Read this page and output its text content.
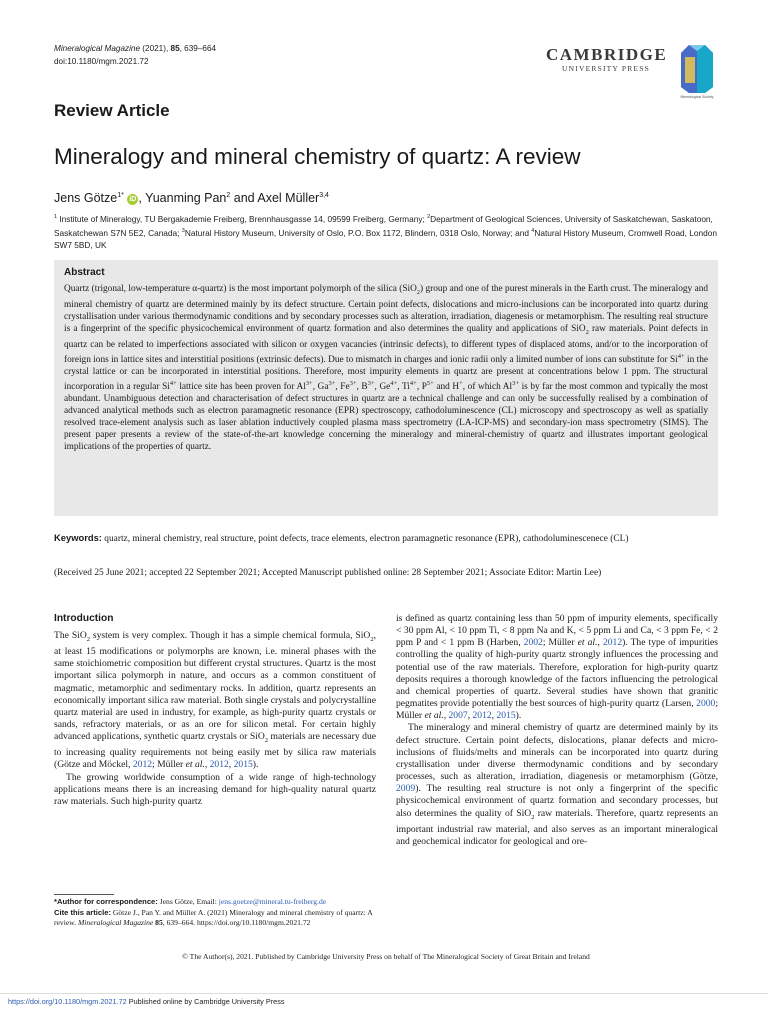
Mineralogical Magazine (2021), 85, 639–664
doi:10.1180/mgm.2021.72	CAMBRIDGE
UNIVERSITY PRESS
Mineralogical Society
Review Article
Mineralogy and mineral chemistry of quartz: A review
Jens Götze$^{1*}$ iD , Yuanming Pan$^2$ and Axel Müller$^{3,4}$
$^1$ Institute of Mineralogy, TU Bergakademie Freiberg, Brennhausgasse 14, 09599 Freiberg, Germany; $^2$Department of Geological Sciences, University of Saskatchewan, Saskatoon, Saskatchewan S7N 5E2, Canada; $^3$Natural History Museum, University of Oslo, P.O. Box 1172, Blindern, 0318 Oslo, Norway; and $^4$Natural History Museum, Cromwell Road, London SW7 5BD, UK
Abstract
Quartz (trigonal, low-temperature α-quartz) is the most important polymorph of the silica (SiO$_2$) group and one of the purest minerals in the Earth crust. The mineralogy and mineral chemistry of quartz are determined mainly by its defect structure. Certain point defects, dislocations and micro-inclusions can be incorporated into quartz during crystallisation under various thermodynamic conditions and by secondary processes such as alteration, irradiation, diagenesis or metamorphism. The resulting real structure is a fingerprint of the specific physicochemical environment of quartz formation and also determines the quality and applications of SiO$_2$ raw materials. Point defects in quartz can be related to imperfections associated with silicon or oxygen vacancies (intrinsic defects), to different types of displaced atoms, and/or to the incorporation of foreign ions in lattice sites and interstitial positions (extrinsic defects). Due to mismatch in charges and ionic radii only a limited number of ions can substitute for $Si^{4+}$ in the crystal lattice or can be incorporated in interstitial positions. Therefore, most impurity elements in quartz are present at concentrations below 1 ppm. The structural incorporation in a regular $Si^{4+}$ lattice site has been proven for $Al^{3+}$, $Ga^{3+}$, $Fe^{3+}$, $B^{3+}$, $Ge^{4+}$, $Ti^{4+}$, $P^{5+}$ and H+, of which $Al^{3+}$ is by far the most common and typically the most abundant. Unambiguous detection and characterisation of defect structures in quartz are a technical challenge and can only be successfully realised by a combination of advanced analytical methods such as electron paramagnetic resonance (EPR) spectroscopy, cathodoluminescence (CL) microscopy and spectroscopy as well as spatially resolved trace-element analysis such as laser ablation inductively coupled plasma mass spectrometry (LA-ICP-MS) and secondary-ion mass spectrometry (SIMS). The present paper presents a review of the state-of-the-art knowledge concerning the mineralogy and mineral-chemistry of quartz and illustrates important geological implications of the properties of quartz.
Keywords: quartz, mineral chemistry, real structure, point defects, trace elements, electron paramagnetic resonance (EPR), cathodoluminescenece (CL)
(Received 25 June 2021; accepted 22 September 2021; Accepted Manuscript published online: 28 September 2021; Associate Editor: Martin Lee)
Introduction

The SiO$_2$ system is very complex. Though it has a simple chemical formula, SiO$_2$, at least 15 modifications or polymorphs are known, i.e. mineral phases with the same stoichiometric composition but different crystal structures. Quartz is the most important silica polymorph in nature, and occurs as a common constituent of magmatic, metamorphic and sedimentary rocks. In addition, quartz represents an economically important silica raw material. Both single crystals and polycrystalline quartz material are used in industry, for example, as high-purity quartz crystals or sands, refractory materials, or as an ore for silicon metal. For certain highly advanced applications, synthetic quartz crystals or SiO$_2$ materials are necessary due to increasing quality requirements not being easily met by silica raw materials (Götze and Möckel, 2012; Müller et al., 2012, 2015).

The growing worldwide consumption of a wide range of high-technology applications means there is an increasing demand for high-quality natural quartz raw materials. Such high-purity quartz

*Author for correspondence: Jens Götze, Email: jens.goetze@mineral.tu-freiberg.de
Cite this article: Götze J., Pan Y. and Müller A. (2021) Mineralogy and mineral chemistry of quartz: A review. Mineralogical Magazine 85, 639–664. https://doi.org/10.1180/mgm.2021.72

is defined as quartz containing less than 50 ppm of impurity elements, specifically < 30 ppm Al, < 10 ppm Ti, < 8 ppm Na and K, < 5 ppm Li and Ca, < 3 ppm Fe, < 2 ppm P and < 1 ppm B (Harben, 2002; Müller et al., 2012). The type of impurities controlling the quality of high-purity quartz strongly influences the processing and potential use of the raw materials. Therefore, exploration for high-purity quartz deposits requires a thorough knowledge of the factors influencing the petrological and chemical properties of quartz. Several studies have shown that granitic pegmatites provide potentially the best sources of high-purity quartz (Larsen, 2000; Müller et al., 2007, 2012, 2015).

The mineralogy and mineral chemistry of quartz are determined mainly by its defect structure. Certain point defects, dislocations, planar defects and micro-inclusions of fluids/melts and minerals can be incorporated into quartz during crystallisation under diverse thermodynamic conditions and by secondary processes, such as alteration, irradiation, diagenesis or metamorphism (Götze, 2009). The resulting real structure is not only a fingerprint of the specific physicochemical environment of quartz formation and secondary processes, but also determines the quality of SiO$_2$ raw materials. Therefore, quartz represents an important industrial raw material, and also serves as an important mineralogical and geochemical indicator for geological and ore-

© The Author(s), 2021. Published by Cambridge University Press on behalf of The Mineralogical Society of Great Britain and Ireland
https://doi.org/10.1180/mgm.2021.72 Published online by Cambridge University Press
